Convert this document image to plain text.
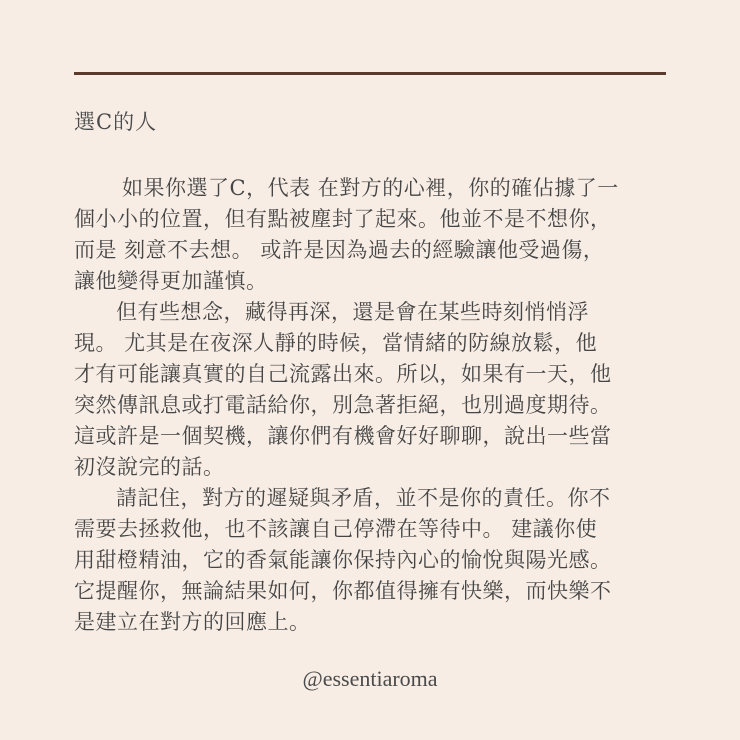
選C的人
如果你選了C，代表 在對方的心裡，你的確佔據了一
個小小的位置，但有點被塵封了起來。他並不是不想你，
而是 刻意不去想。 或許是因為過去的經驗讓他受過傷，
讓他變得更加謹慎。
但有些想念，藏得再深，還是會在某些時刻悄悄浮
現。 尤其是在夜深人靜的時候，當情緒的防線放鬆，他
才有可能讓真實的自己流露出來。所以，如果有一天，他
突然傳訊息或打電話給你，別急著拒絕，也別過度期待。
這或許是一個契機，讓你們有機會好好聊聊，說出一些當
初沒說完的話。
請記住，對方的遲疑與矛盾，並不是你的責任。你不
需要去拯救他，也不該讓自己停滯在等待中。 建議你使
用甜橙精油，它的香氣能讓你保持內心的愉悅與陽光感。
它提醒你，無論結果如何，你都值得擁有快樂，而快樂不
是建立在對方的回應上。
@essentiaroma
